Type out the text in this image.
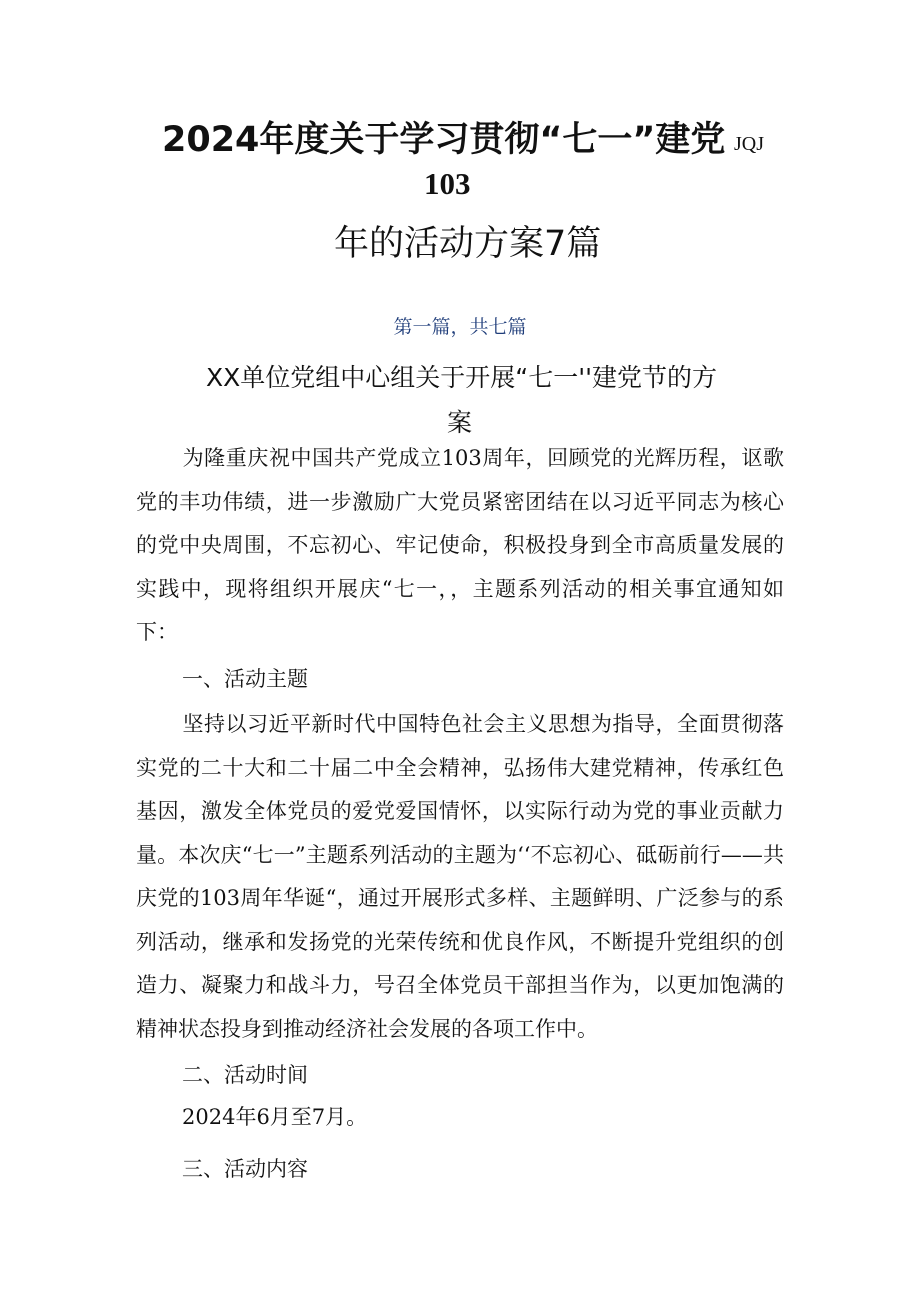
2024年度关于学习贯彻“七一”建党 JQJ
103
年的活动方案7篇
第一篇，共七篇
XX单位党组中心组关于开展“七一''建党节的方
案
为隆重庆祝中国共产党成立103周年，回顾党的光辉历程，讴歌党的丰功伟绩，进一步激励广大党员紧密团结在以习近平同志为核心的党中央周围，不忘初心、牢记使命，积极投身到全市高质量发展的实践中，现将组织开展庆“七一，，主题系列活动的相关事宜通知如下：
一、活动主题
坚持以习近平新时代中国特色社会主义思想为指导，全面贯彻落实党的二十大和二十届二中全会精神，弘扬伟大建党精神，传承红色基因，激发全体党员的爱党爱国情怀，以实际行动为党的事业贡献力量。本次庆“七一”主题系列活动的主题为‘‘不忘初心、砥砺前行——共庆党的103周年华诞“，通过开展形式多样、主题鲜明、广泛参与的系列活动，继承和发扬党的光荣传统和优良作风，不断提升党组织的创造力、凝聚力和战斗力，号召全体党员干部担当作为，以更加饱满的精神状态投身到推动经济社会发展的各项工作中。
二、活动时间
2024年6月至7月。
三、活动内容
